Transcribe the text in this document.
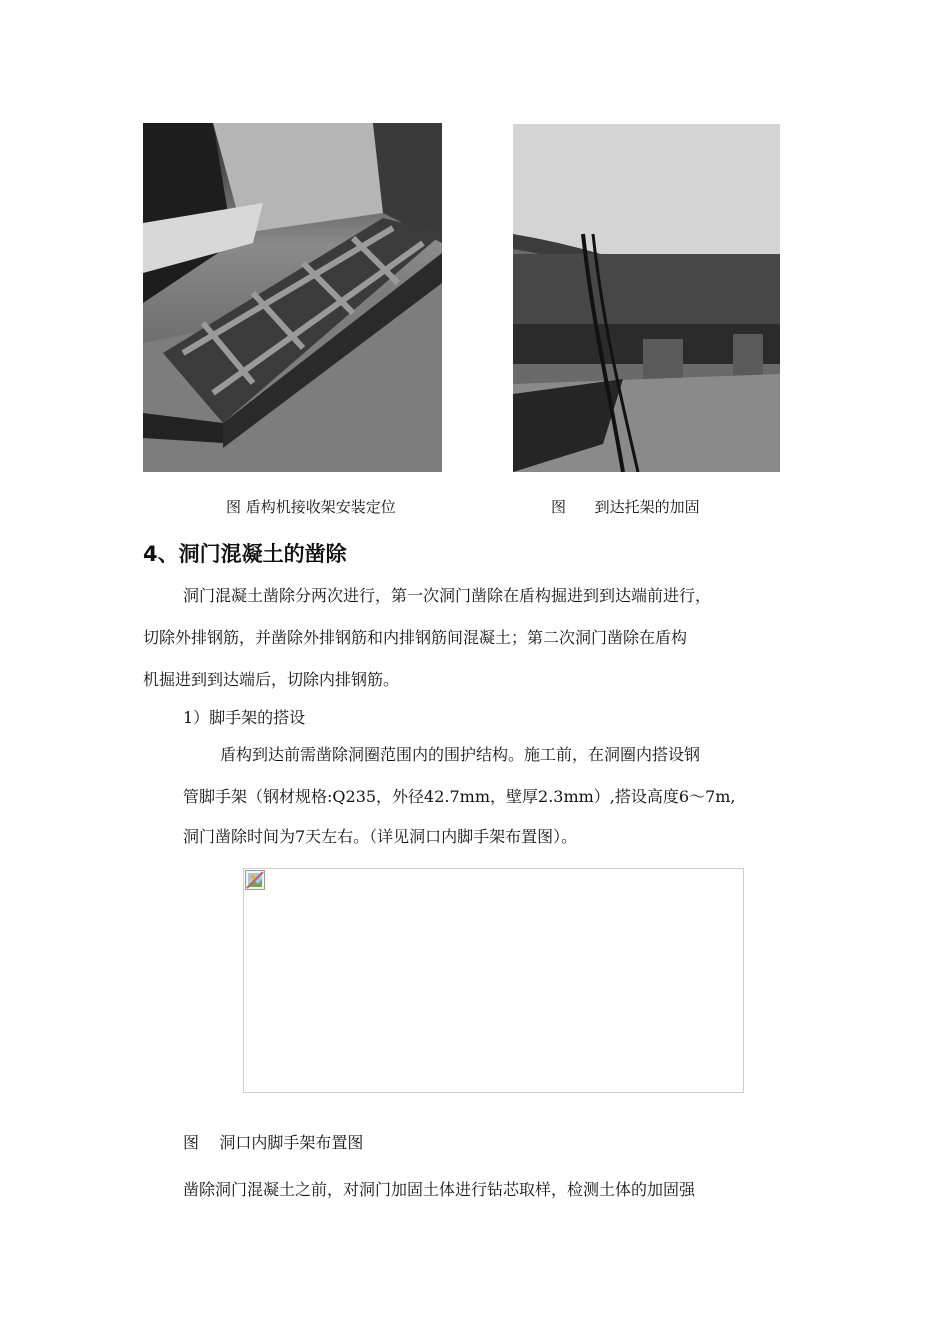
图 盾构机接收架安装定位	图      到达托架的加固
4、洞门混凝土的凿除
洞门混凝土凿除分两次进行，第一次洞门凿除在盾构掘进到到达端前进行，
切除外排钢筋，并凿除外排钢筋和内排钢筋间混凝土；第二次洞门凿除在盾构
机掘进到到达端后，切除内排钢筋。
1）脚手架的搭设
盾构到达前需凿除洞圈范围内的围护结构。施工前，在洞圈内搭设钢
管脚手架（钢材规格:Q235，外径42.7mm，壁厚2.3mm）,搭设高度6～7m,
洞门凿除时间为7天左右。（详见洞口内脚手架布置图）。
图    洞口内脚手架布置图
凿除洞门混凝土之前，对洞门加固土体进行钻芯取样，检测土体的加固强
